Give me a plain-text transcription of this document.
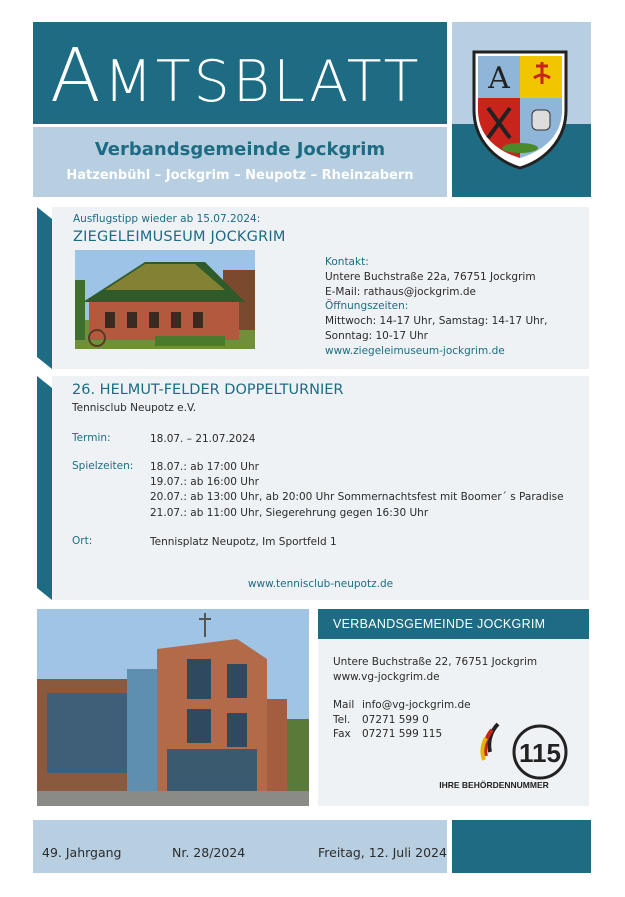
AMTSBLATT
Verbandsgemeinde Jockgrim
Hatzenbühl – Jockgrim – Neupotz – Rheinzabern
A
Ausflugstipp wieder ab 15.07.2024:
ZIEGELEIMUSEUM JOCKGRIM
Kontakt:
Untere Buchstraße 22a, 76751 Jockgrim
E-Mail: rathaus@jockgrim.de
Öffnungszeiten:
Mittwoch: 14-17 Uhr, Samstag: 14-17 Uhr,
Sonntag: 10-17 Uhr
www.ziegeleimuseum-jockgrim.de
26. HELMUT-FELDER DOPPELTURNIER
Tennisclub Neupotz e.V.
Termin:	18.07. – 21.07.2024
Spielzeiten: 18.07.: ab 17:00 Uhr
19.07.: ab 16:00 Uhr
20.07.: ab 13:00 Uhr, ab 20:00 Uhr Sommernachtsfest mit Boomer´ s Paradise
21.07.: ab 11:00 Uhr, Siegerehrung gegen 16:30 Uhr
Ort:	Tennisplatz Neupotz, Im Sportfeld 1
www.tennisclub-neupotz.de
VERBANDSGEMEINDE JOCKGRIM
Untere Buchstraße 22, 76751 Jockgrim
www.vg-jockgrim.de
Mail info@vg-jockgrim.de
Tel. 07271 599 0
Fax 07271 599 115
115
IHRE BEHÖRDENNUMMER
49. Jahrgang	Nr. 28/2024	Freitag, 12. Juli 2024
